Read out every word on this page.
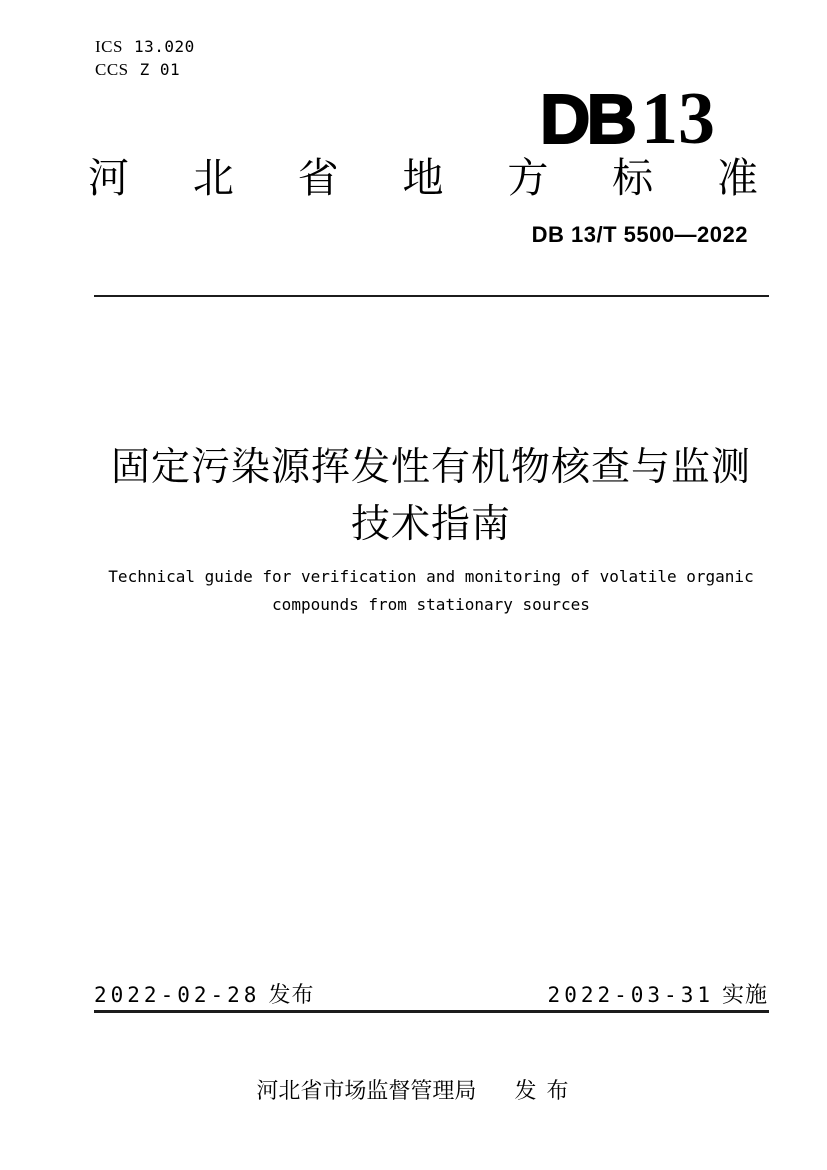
ICS 13.020
CCS Z 01
DB 13
河 北 省 地 方 标 准
DB 13/T 5500—2022
固定污染源挥发性有机物核查与监测
技术指南
Technical guide for verification and monitoring of volatile organic
compounds from stationary sources
2022-02-28 发布	2022-03-31 实施
河北省市场监督管理局 发 布
